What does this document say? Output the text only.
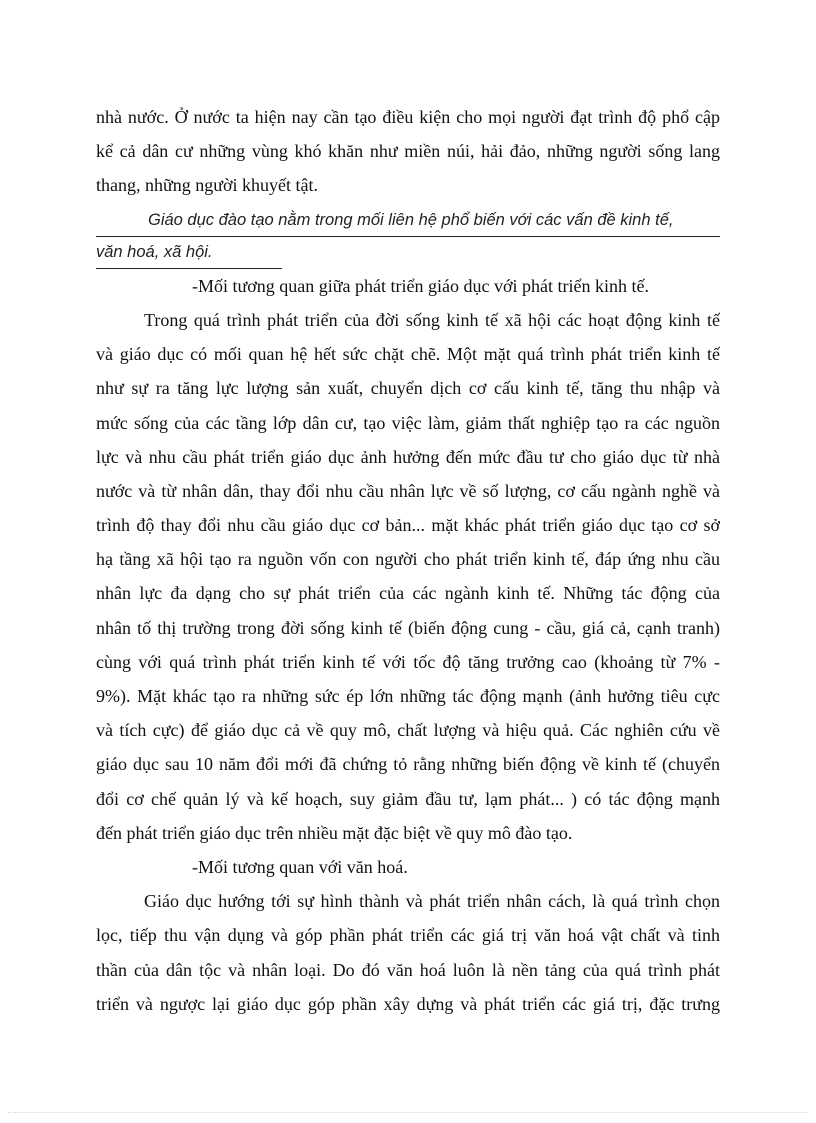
nhà nước. Ở nước ta hiện nay cần tạo điều kiện cho mọi người đạt trình độ phổ cập
kể cả dân cư những vùng khó khăn như miền núi, hải đảo, những người sống lang
thang, những người khuyết tật.
Giáo dục đào tạo nằm trong mối liên hệ phổ biến với các vấn đề kinh tế,
văn hoá, xã hội.
-Mối tương quan giữa phát triển giáo dục với phát triển kinh tế.
Trong quá trình phát triển của đời sống kinh tế xã hội các hoạt động kinh tế
và giáo dục có mối quan hệ hết sức chặt chẽ. Một mặt quá trình phát triển kinh tế
như sự ra tăng lực lượng sản xuất, chuyển dịch cơ cấu kinh tế, tăng thu nhập và
mức sống của các tầng lớp dân cư, tạo việc làm, giảm thất nghiệp tạo ra các nguồn
lực và nhu cầu phát triển giáo dục ảnh hưởng đến mức đầu tư cho giáo dục từ nhà
nước và từ nhân dân, thay đổi nhu cầu nhân lực về số lượng, cơ cấu ngành nghề và
trình độ thay đổi nhu cầu giáo dục cơ bản... mặt khác phát triển giáo dục tạo cơ sở
hạ tầng xã hội tạo ra nguồn vốn con người cho phát triển kinh tế, đáp ứng nhu cầu
nhân lực đa dạng cho sự phát triển của các ngành kinh tế. Những tác động của
nhân tố thị trường trong đời sống kinh tế (biến động cung - cầu, giá cả, cạnh tranh)
cùng với quá trình phát triển kinh tế với tốc độ tăng trưởng cao (khoảng từ 7% -
9%). Mặt khác tạo ra những sức ép lớn những tác động mạnh (ảnh hưởng tiêu cực
và tích cực) để giáo dục cả về quy mô, chất lượng và hiệu quả. Các nghiên cứu về
giáo dục sau 10 năm đổi mới đã chứng tỏ rằng những biến động về kinh tế (chuyển
đổi cơ chế quản lý và kế hoạch, suy giảm đầu tư, lạm phát... ) có tác động mạnh
đến phát triển giáo dục trên nhiều mặt đặc biệt về quy mô đào tạo.
-Mối tương quan với văn hoá.
Giáo dục hướng tới sự hình thành và phát triển nhân cách, là quá trình chọn
lọc, tiếp thu vận dụng và góp phần phát triển các giá trị văn hoá vật chất và tinh
thần của dân tộc và nhân loại. Do đó văn hoá luôn là nền tảng của quá trình phát
triển và ngược lại giáo dục góp phần xây dựng và phát triển các giá trị, đặc trưng
